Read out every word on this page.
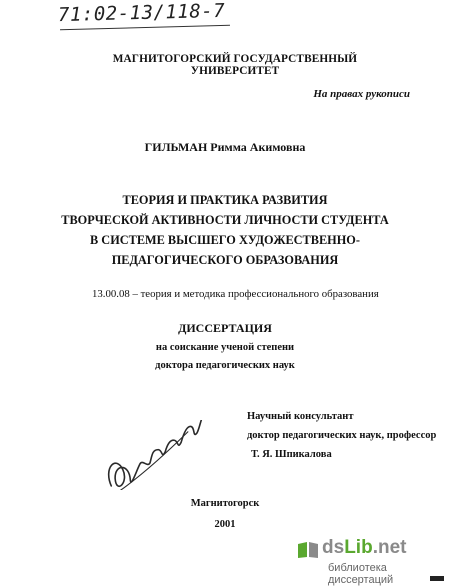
71:02-13/118-7
МАГНИТОГОРСКИЙ ГОСУДАРСТВЕННЫЙ УНИВЕРСИТЕТ
На правах рукописи
ГИЛЬМАН Римма Акимовна
ТЕОРИЯ И ПРАКТИКА РАЗВИТИЯ
ТВОРЧЕСКОЙ АКТИВНОСТИ ЛИЧНОСТИ СТУДЕНТА
В СИСТЕМЕ ВЫСШЕГО ХУДОЖЕСТВЕННО-
ПЕДАГОГИЧЕСКОГО ОБРАЗОВАНИЯ
13.00.08 – теория и методика профессионального образования
ДИССЕРТАЦИЯ
на соискание ученой степени
доктора педагогических наук
Научный консультант
доктор педагогических наук, профессор
Т. Я. Шпикалова
Магнитогорск
2001
dsLib.net
библиотека диссертаций
